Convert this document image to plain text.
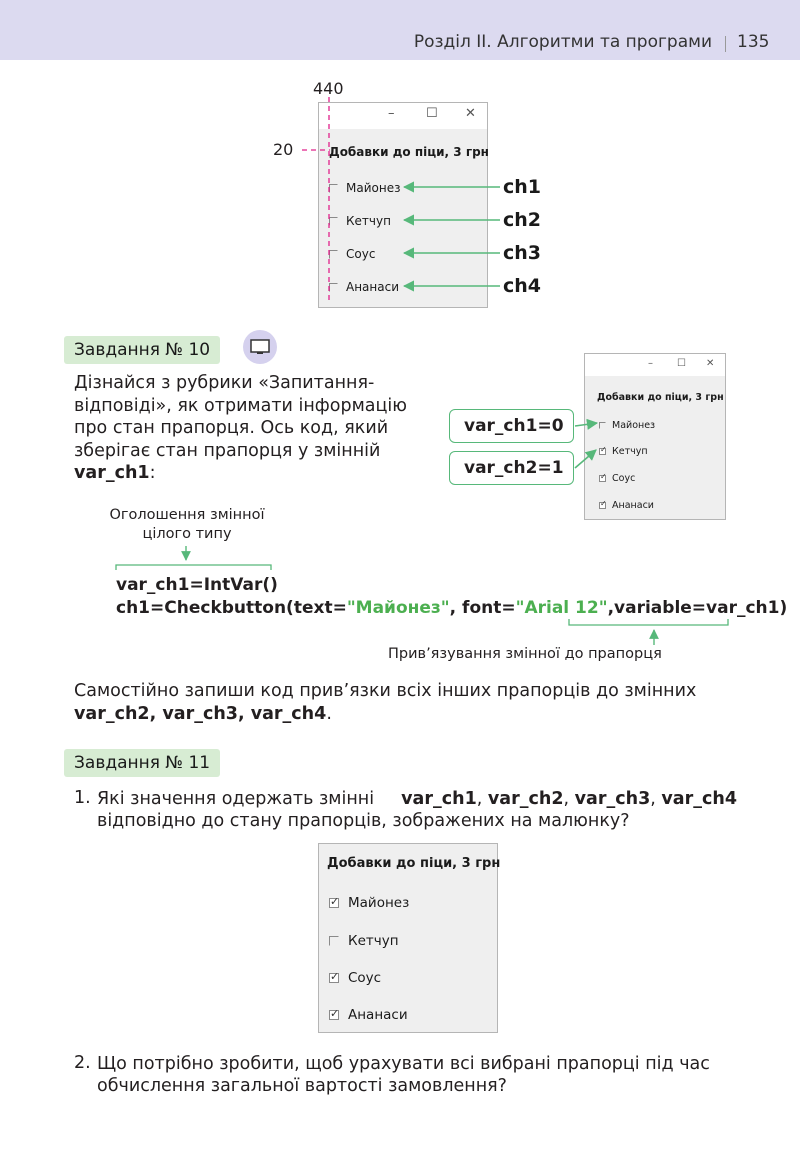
Розділ ІІ. Алгоритми та програми 135
440
20
– ☐ ✕
Добавки до піци, 3 грн
Майонез
Кетчуп
Соус
Ананаси
ch1
ch2
ch3
ch4
Завдання № 10
Дізнайся з рубрики «Запитання-
відповіді», як отримати інформацію
про стан прапорця. Ось код, який
зберігає стан прапорця у змінній
var_ch1:
var_ch1=0
var_ch2=1
– ☐ ✕
Добавки до піци, 3 грн
Майонез
✓ Кетчуп
✓ Соус
✓ Ананаси
Оголошення змінної
цілого типу
var_ch1=IntVar()
ch1=Checkbutton(text="Майонез", font="Arial 12",variable=var_ch1)
Прив’язування змінної до прапорця
Самостійно запиши код прив’язки всіх інших прапорців до змінних var_ch2, var_ch3, var_ch4.
Завдання № 11
1. Які значення одержать змінні var_ch1, var_ch2, var_ch3, var_ch4
відповідно до стану прапорців, зображених на малюнку?
Добавки до піци, 3 грн
✓ Майонез
Кетчуп
✓ Соус
✓ Ананаси
2. Що потрібно зробити, щоб урахувати всі вибрані прапорці під час
обчислення загальної вартості замовлення?
